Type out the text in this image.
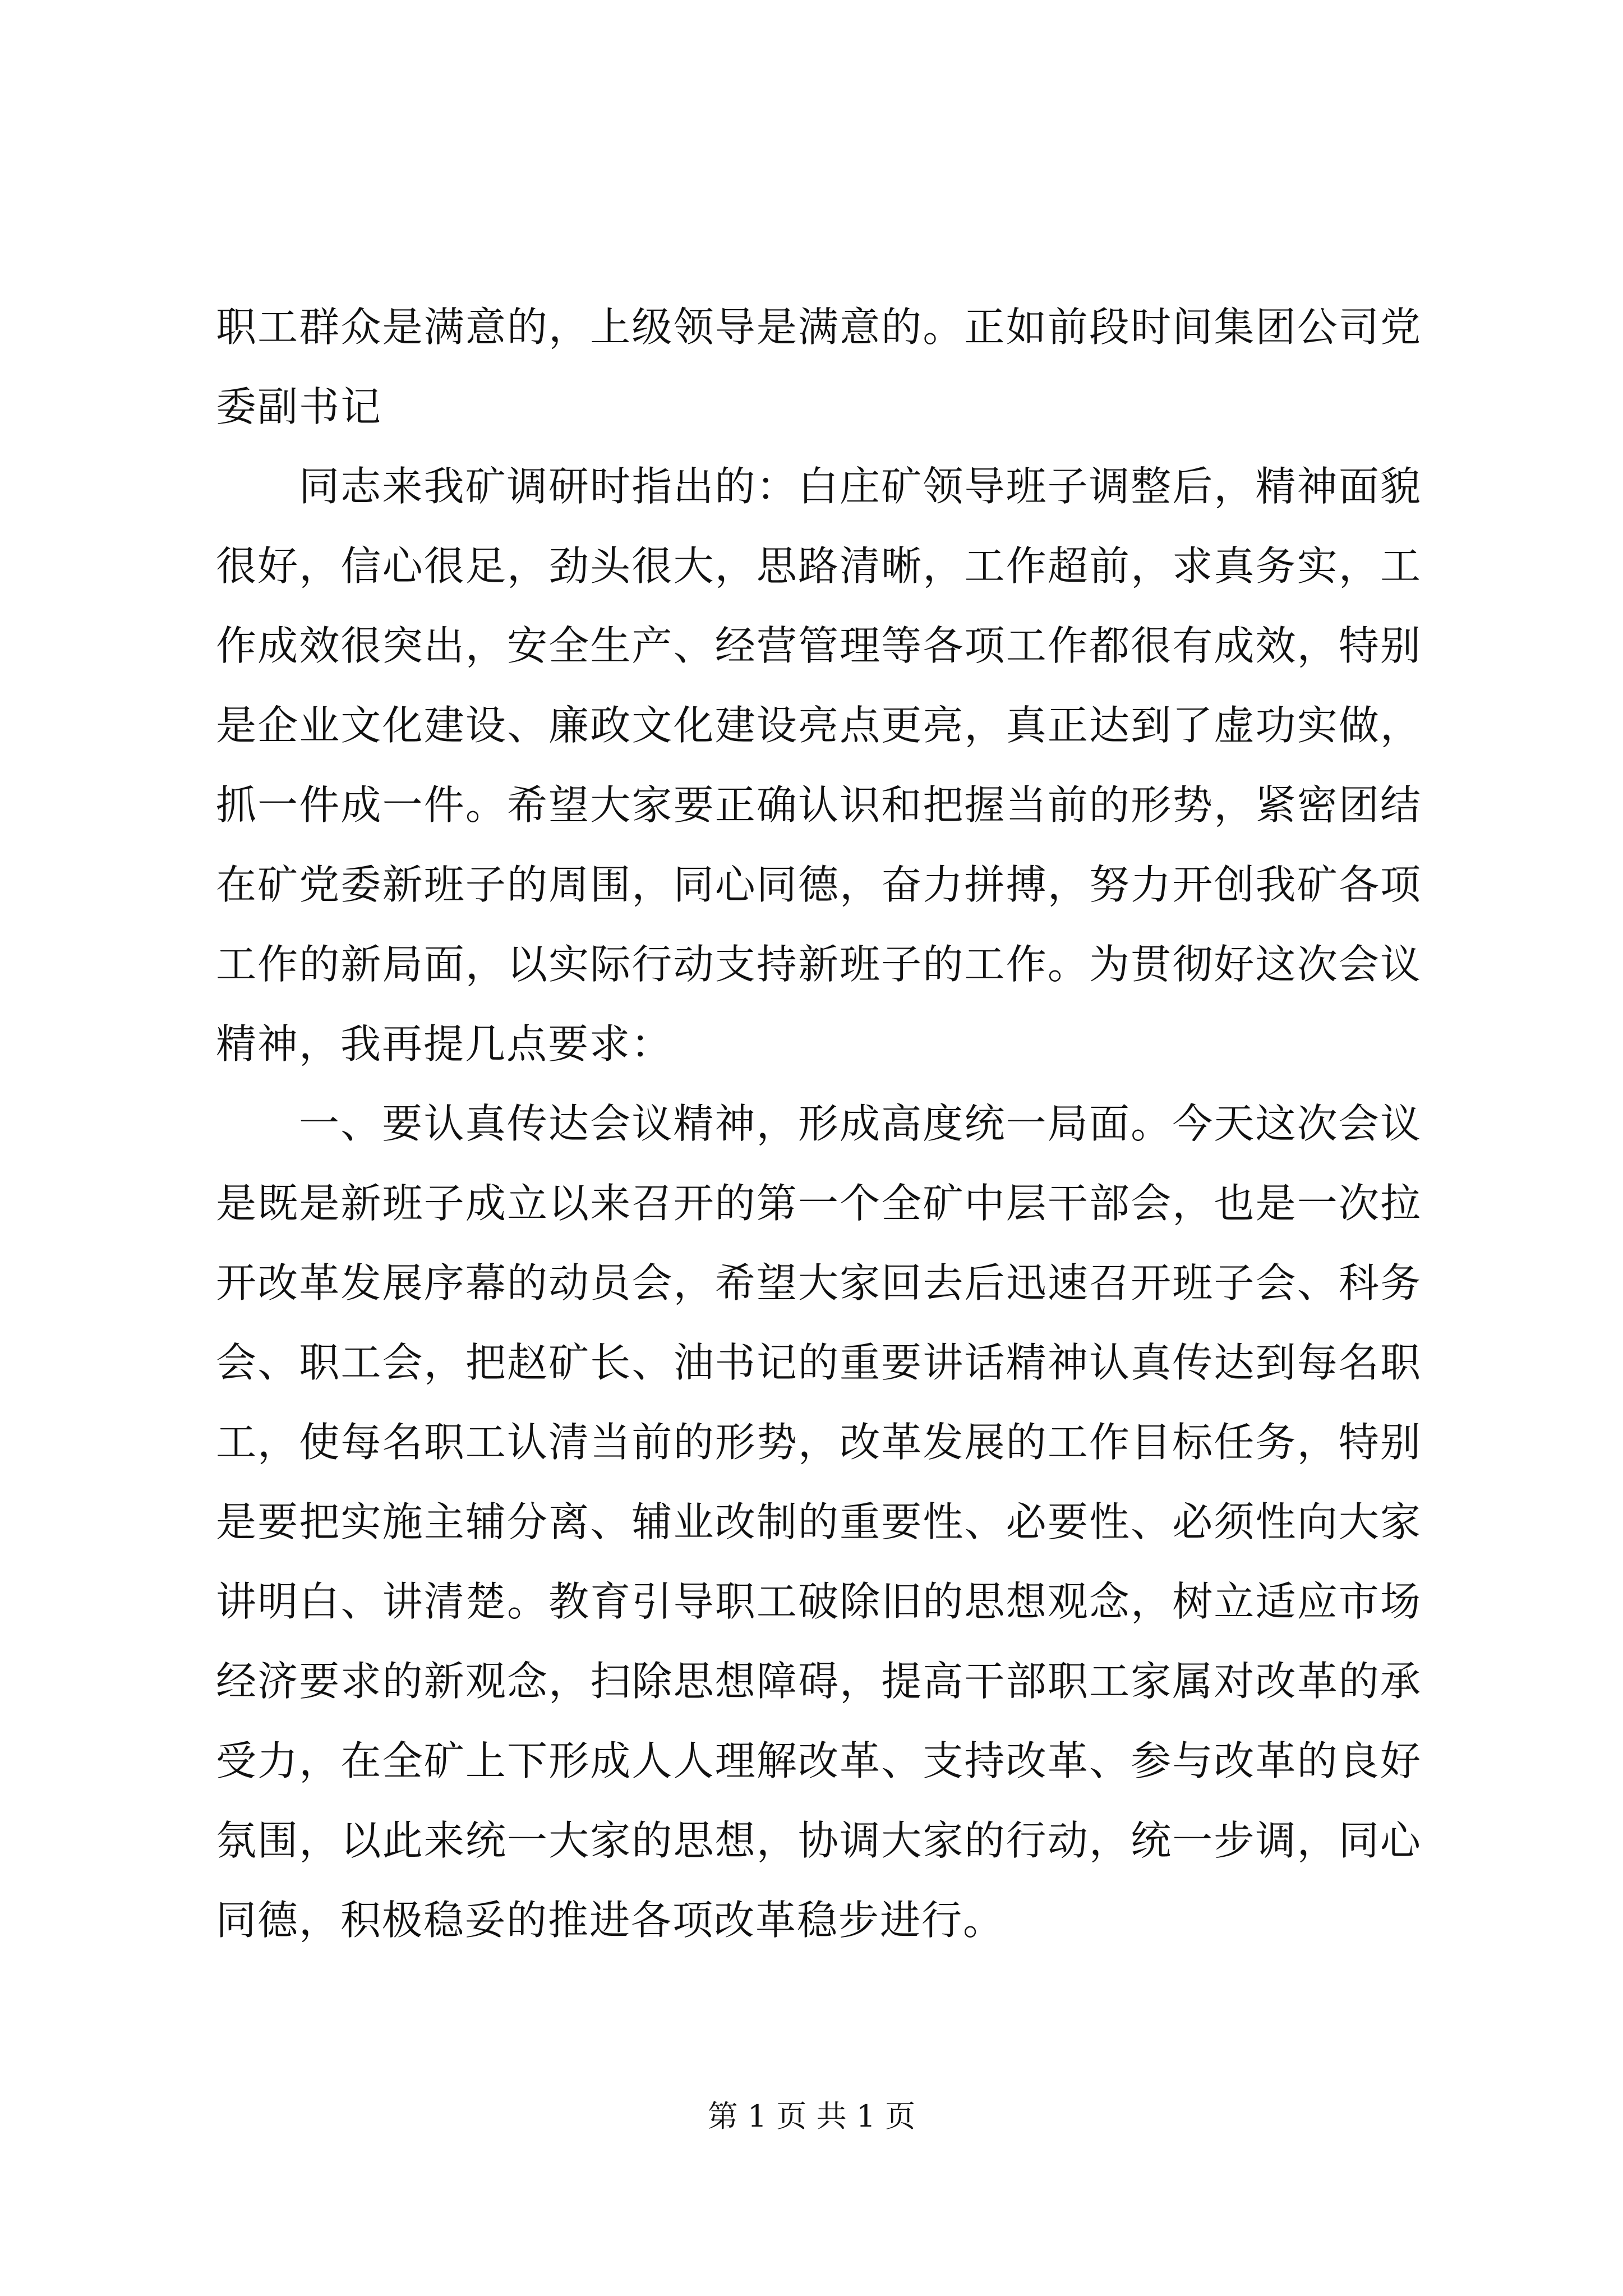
职工群众是满意的，上级领导是满意的。正如前段时间集团公司党委副书记

同志来我矿调研时指出的：白庄矿领导班子调整后，精神面貌很好，信心很足，劲头很大，思路清晰，工作超前，求真务实，工作成效很突出，安全生产、经营管理等各项工作都很有成效，特别是企业文化建设、廉政文化建设亮点更亮，真正达到了虚功实做，抓一件成一件。希望大家要正确认识和把握当前的形势，紧密团结在矿党委新班子的周围，同心同德，奋力拼搏，努力开创我矿各项工作的新局面，以实际行动支持新班子的工作。为贯彻好这次会议精神，我再提几点要求：

一、要认真传达会议精神，形成高度统一局面。今天这次会议是既是新班子成立以来召开的第一个全矿中层干部会，也是一次拉开改革发展序幕的动员会，希望大家回去后迅速召开班子会、科务会、职工会，把赵矿长、油书记的重要讲话精神认真传达到每名职工，使每名职工认清当前的形势，改革发展的工作目标任务，特别是要把实施主辅分离、辅业改制的重要性、必要性、必须性向大家讲明白、讲清楚。教育引导职工破除旧的思想观念，树立适应市场经济要求的新观念，扫除思想障碍，提高干部职工家属对改革的承受力，在全矿上下形成人人理解改革、支持改革、参与改革的良好氛围，以此来统一大家的思想，协调大家的行动，统一步调，同心同德，积极稳妥的推进各项改革稳步进行。

第 1 页 共 1 页
